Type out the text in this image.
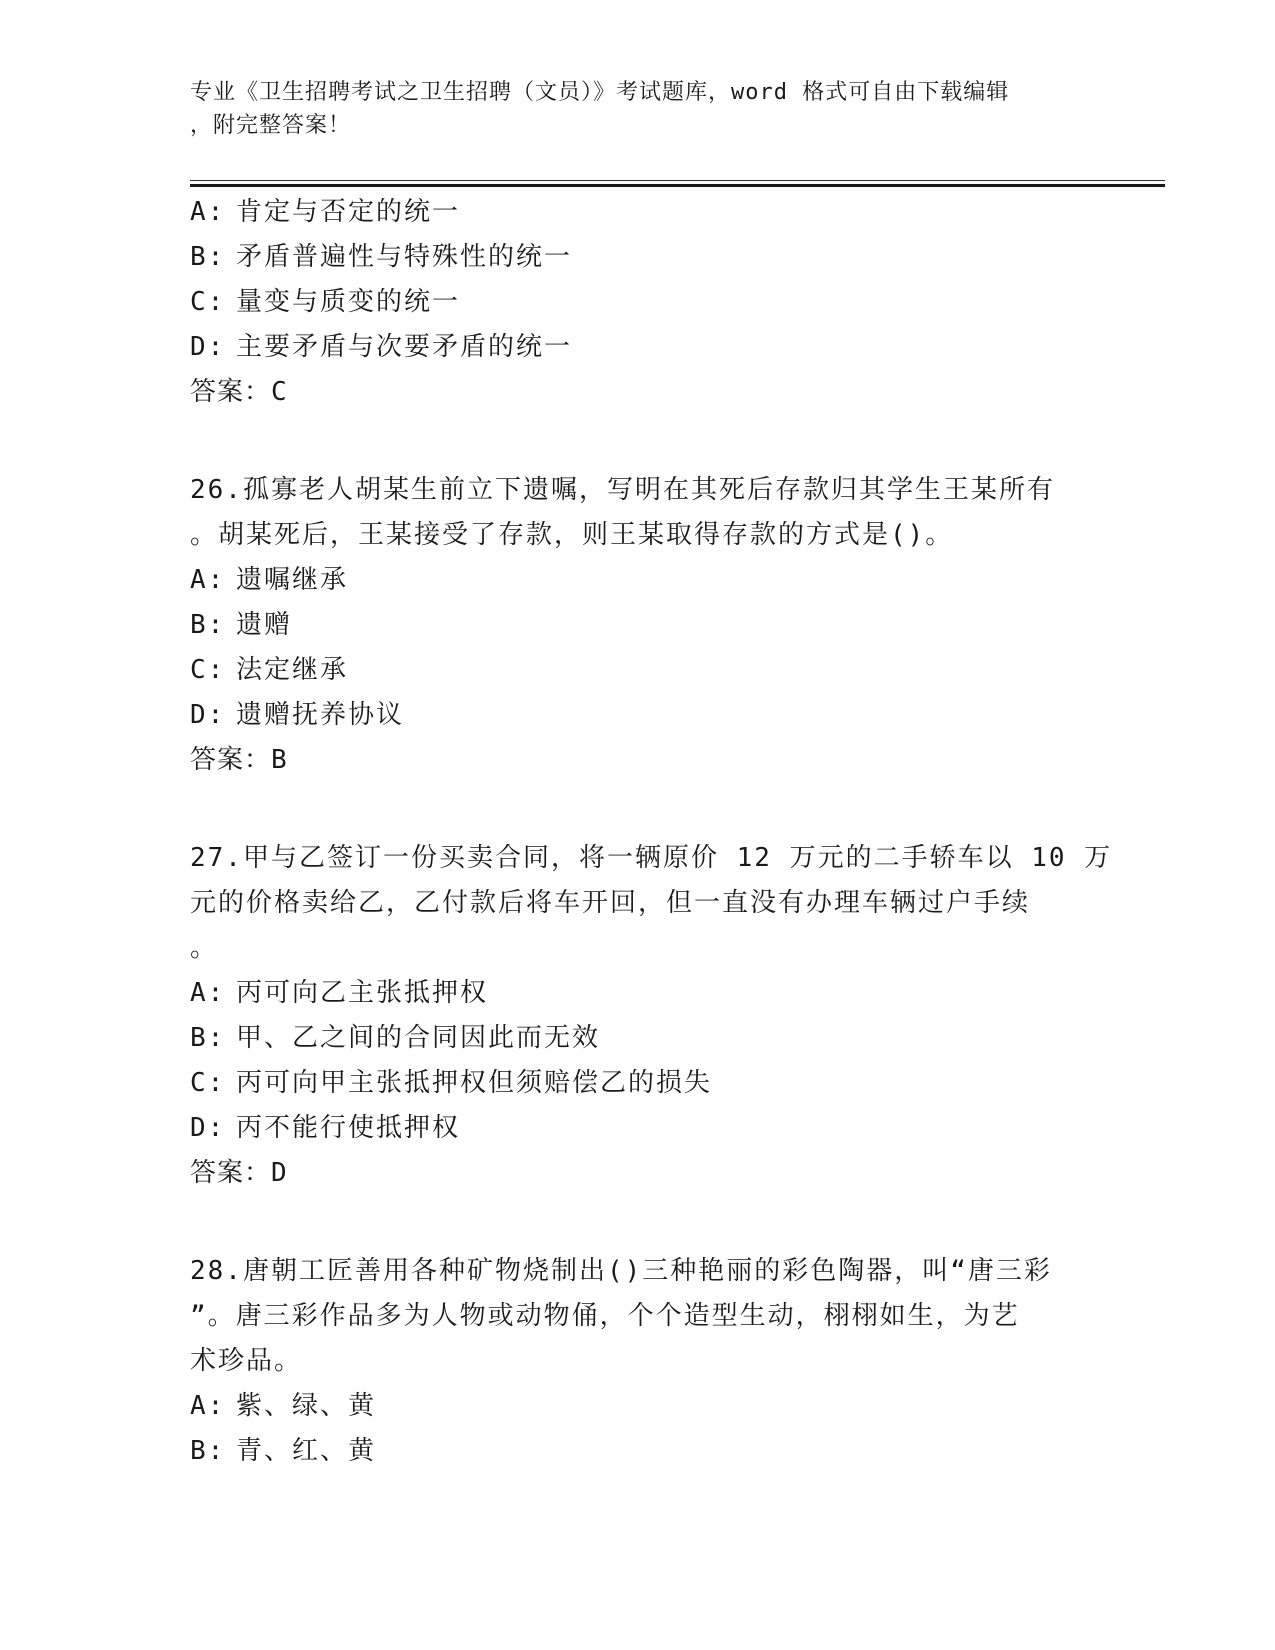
专业《卫生招聘考试之卫生招聘（文员）》考试题库，word 格式可自由下载编辑
，附完整答案！
A: 肯定与否定的统一
B: 矛盾普遍性与特殊性的统一
C: 量变与质变的统一
D: 主要矛盾与次要矛盾的统一
答案：C
26.孤寡老人胡某生前立下遗嘱，写明在其死后存款归其学生王某所有
。胡某死后，王某接受了存款，则王某取得存款的方式是()。
A: 遗嘱继承
B: 遗赠
C: 法定继承
D: 遗赠抚养协议
答案：B
27.甲与乙签订一份买卖合同，将一辆原价 12 万元的二手轿车以 10 万
元的价格卖给乙，乙付款后将车开回，但一直没有办理车辆过户手续
。
A: 丙可向乙主张抵押权
B: 甲、乙之间的合同因此而无效
C: 丙可向甲主张抵押权但须赔偿乙的损失
D: 丙不能行使抵押权
答案：D
28.唐朝工匠善用各种矿物烧制出()三种艳丽的彩色陶器，叫“唐三彩
”。唐三彩作品多为人物或动物俑，个个造型生动，栩栩如生，为艺
术珍品。
A: 紫、绿、黄
B: 青、红、黄
